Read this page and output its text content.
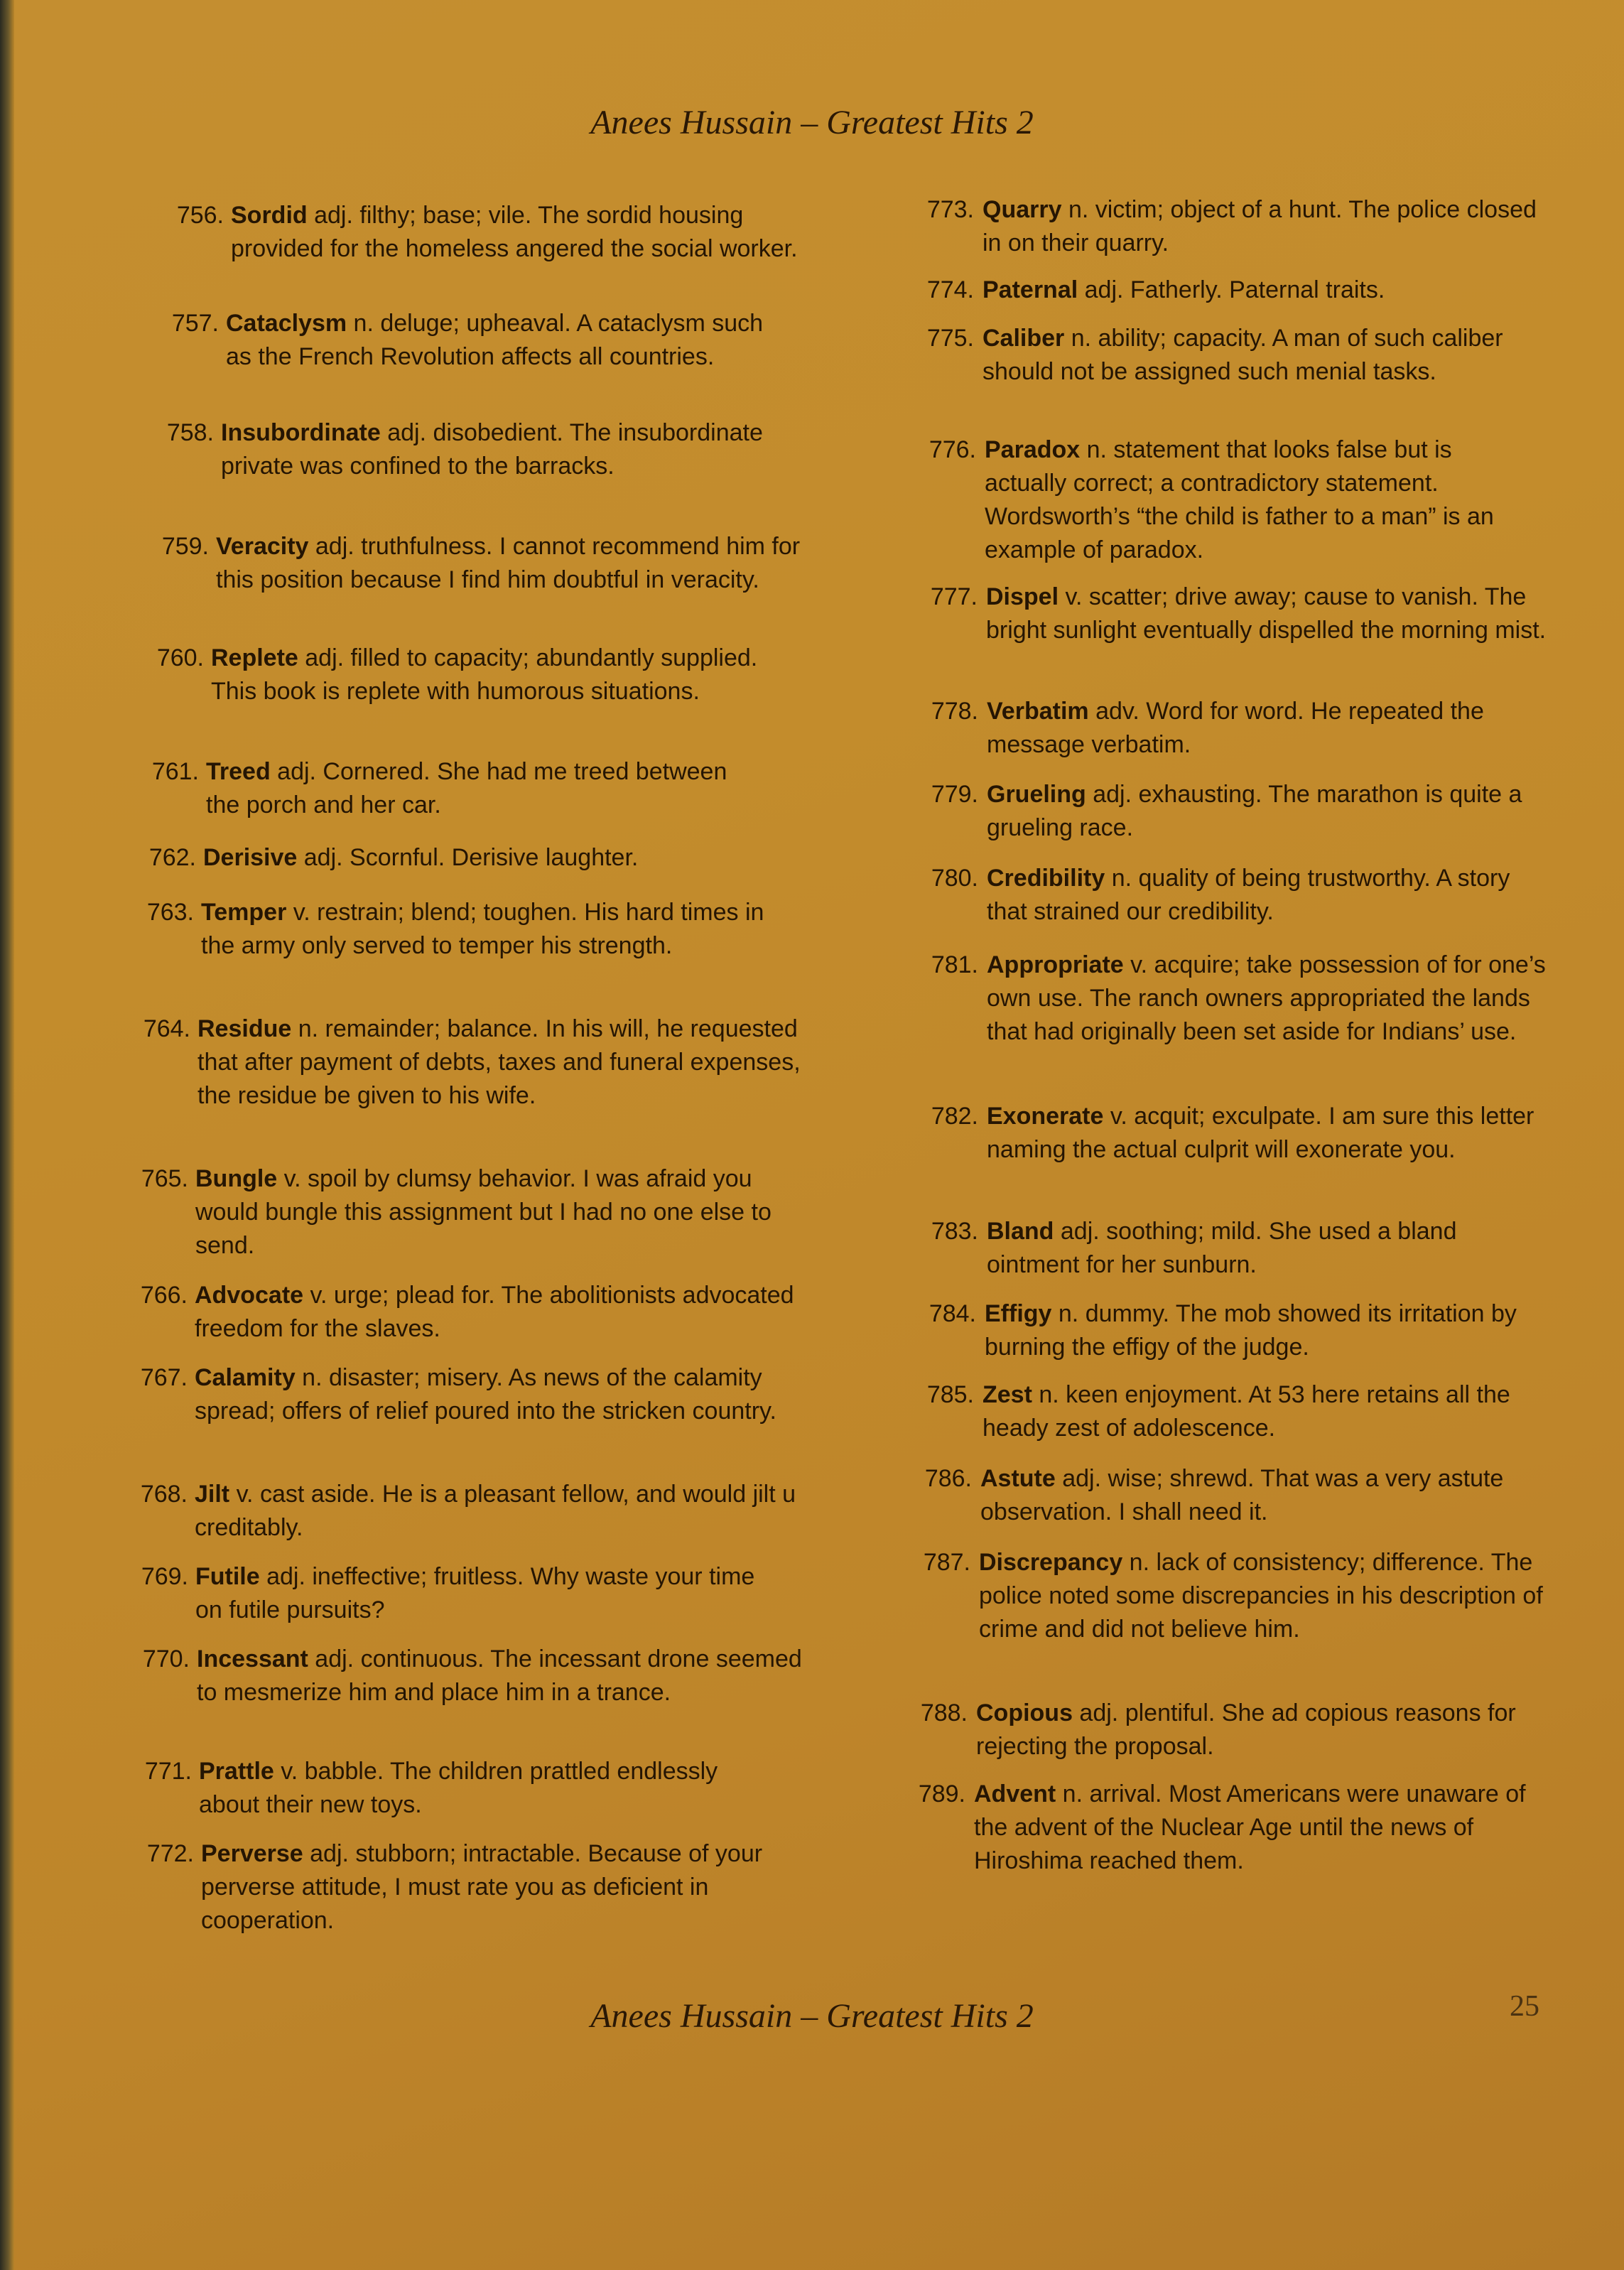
Anees Hussain – Greatest Hits 2
756. Sordid adj. filthy; base; vile. The sordid housing provided for the homeless angered the social worker.
757. Cataclysm n. deluge; upheaval. A cataclysm such as the French Revolution affects all countries.
758. Insubordinate adj. disobedient. The insubordinate private was confined to the barracks.
759. Veracity adj. truthfulness. I cannot recommend him for this position because I find him doubtful in veracity.
760. Replete adj. filled to capacity; abundantly supplied. This book is replete with humorous situations.
761. Treed adj. Cornered. She had me treed between the porch and her car.
762. Derisive adj. Scornful. Derisive laughter.
763. Temper v. restrain; blend; toughen. His hard times in the army only served to temper his strength.
764. Residue n. remainder; balance. In his will, he requested that after payment of debts, taxes and funeral expenses, the residue be given to his wife.
765. Bungle v. spoil by clumsy behavior. I was afraid you would bungle this assignment but I had no one else to send.
766. Advocate v. urge; plead for. The abolitionists advocated freedom for the slaves.
767. Calamity n. disaster; misery. As news of the calamity spread; offers of relief poured into the stricken country.
768. Jilt v. cast aside. He is a pleasant fellow, and would jilt u creditably.
769. Futile adj. ineffective; fruitless. Why waste your time on futile pursuits?
770. Incessant adj. continuous. The incessant drone seemed to mesmerize him and place him in a trance.
771. Prattle v. babble. The children prattled endlessly about their new toys.
772. Perverse adj. stubborn; intractable. Because of your perverse attitude, I must rate you as deficient in cooperation.
773. Quarry n. victim; object of a hunt. The police closed in on their quarry.
774. Paternal adj. Fatherly. Paternal traits.
775. Caliber n. ability; capacity. A man of such caliber should not be assigned such menial tasks.
776. Paradox n. statement that looks false but is actually correct; a contradictory statement. Wordsworth’s “the child is father to a man” is an example of paradox.
777. Dispel v. scatter; drive away; cause to vanish. The bright sunlight eventually dispelled the morning mist.
778. Verbatim adv. Word for word. He repeated the message verbatim.
779. Grueling adj. exhausting. The marathon is quite a grueling race.
780. Credibility n. quality of being trustworthy. A story that strained our credibility.
781. Appropriate v. acquire; take possession of for one’s own use. The ranch owners appropriated the lands that had originally been set aside for Indians’ use.
782. Exonerate v. acquit; exculpate. I am sure this letter naming the actual culprit will exonerate you.
783. Bland adj. soothing; mild. She used a bland ointment for her sunburn.
784. Effigy n. dummy. The mob showed its irritation by burning the effigy of the judge.
785. Zest n. keen enjoyment. At 53 here retains all the heady zest of adolescence.
786. Astute adj. wise; shrewd. That was a very astute observation. I shall need it.
787. Discrepancy n. lack of consistency; difference. The police noted some discrepancies in his description of crime and did not believe him.
788. Copious adj. plentiful. She ad copious reasons for rejecting the proposal.
789. Advent n. arrival. Most Americans were unaware of the advent of the Nuclear Age until the news of Hiroshima reached them.
Anees Hussain – Greatest Hits 2	25
